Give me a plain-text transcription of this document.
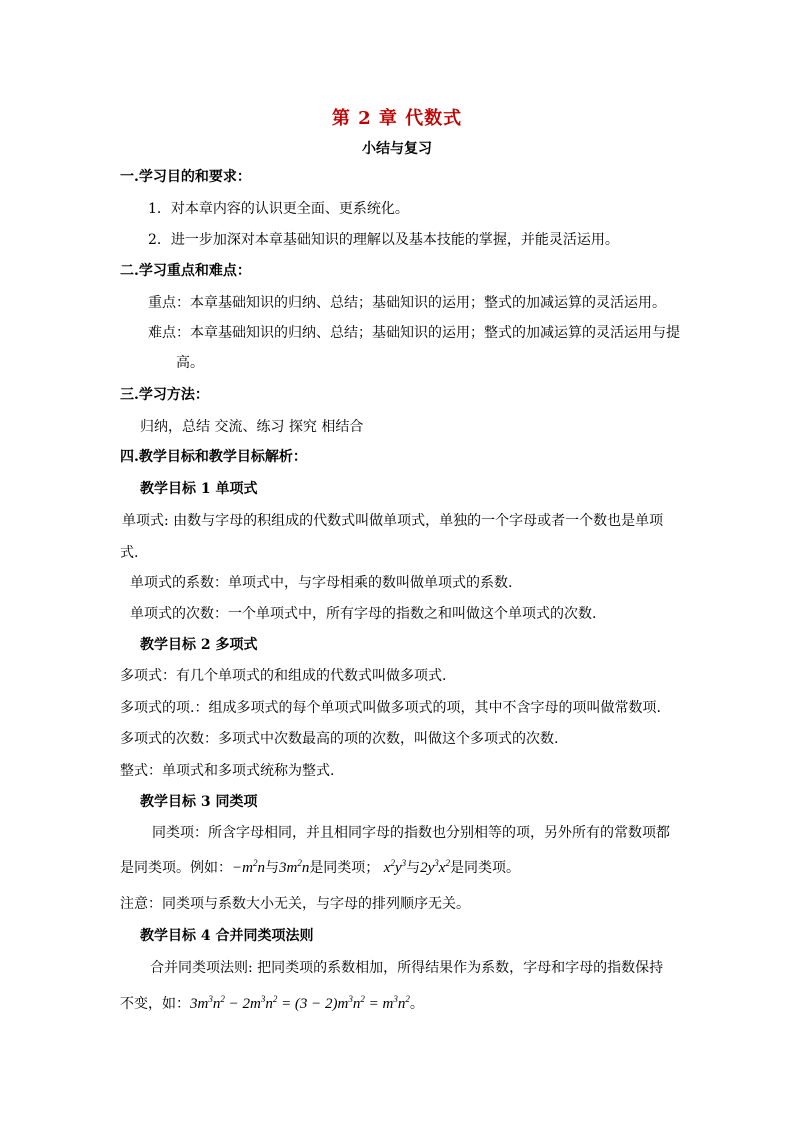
第 2 章 代数式
小结与复习
一.学习目的和要求：
1．对本章内容的认识更全面、更系统化。
2．进一步加深对本章基础知识的理解以及基本技能的掌握，并能灵活运用。
二.学习重点和难点：
重点：本章基础知识的归纳、总结；基础知识的运用；整式的加减运算的灵活运用。
难点：本章基础知识的归纳、总结；基础知识的运用；整式的加减运算的灵活运用与提
高。
三.学习方法：
归纳，总结 交流、练习 探究 相结合
四.教学目标和教学目标解析：
教学目标 1 单项式
单项式: 由数与字母的积组成的代数式叫做单项式，单独的一个字母或者一个数也是单项
式.
单项式的系数：单项式中，与字母相乘的数叫做单项式的系数.
单项式的次数：一个单项式中，所有字母的指数之和叫做这个单项式的次数.
教学目标 2 多项式
多项式：有几个单项式的和组成的代数式叫做多项式.
多项式的项.：组成多项式的每个单项式叫做多项式的项，其中不含字母的项叫做常数项.
多项式的次数：多项式中次数最高的项的次数，叫做这个多项式的次数.
整式：单项式和多项式统称为整式.
教学目标 3 同类项
同类项：所含字母相同，并且相同字母的指数也分别相等的项，另外所有的常数项都
是同类项。例如：$-m^2n$与$3m^2n$是同类项； $x^2y^3$与$2y^3x^2$是同类项。
注意：同类项与系数大小无关，与字母的排列顺序无关。
教学目标 4 合并同类项法则
合并同类项法则: 把同类项的系数相加，所得结果作为系数，字母和字母的指数保持
不变，如：$3m^3n^2 - 2m^3n^2 = (3 - 2)m^3n^2 = m^3n^2$。
